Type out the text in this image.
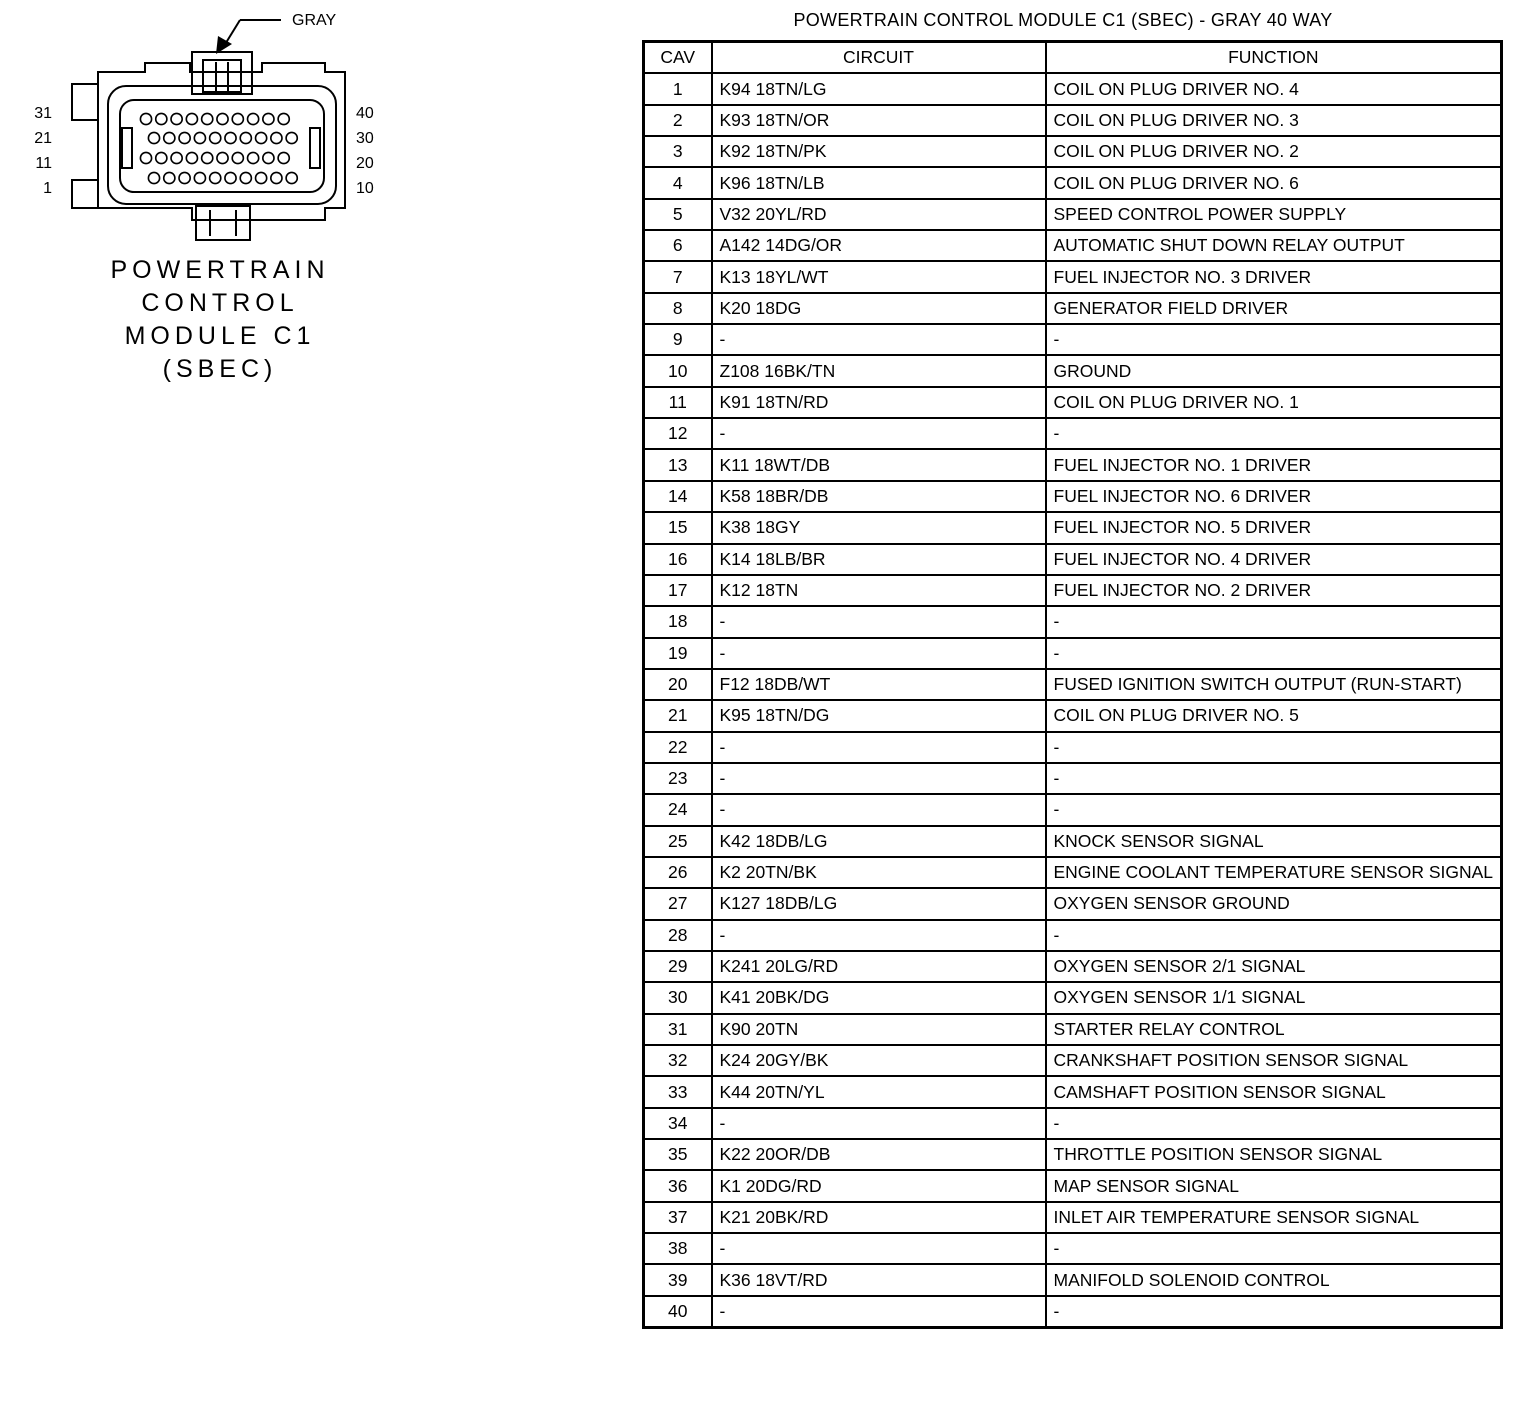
GRAY
31
21
11
1
40
30
20
10
POWERTRAIN
CONTROL
MODULE C1
(SBEC)
POWERTRAIN CONTROL MODULE C1 (SBEC) - GRAY 40 WAY
CAV	CIRCUIT	FUNCTION
1	K94 18TN/LG	COIL ON PLUG DRIVER NO. 4
2	K93 18TN/OR	COIL ON PLUG DRIVER NO. 3
3	K92 18TN/PK	COIL ON PLUG DRIVER NO. 2
4	K96 18TN/LB	COIL ON PLUG DRIVER NO. 6
5	V32 20YL/RD	SPEED CONTROL POWER SUPPLY
6	A142 14DG/OR	AUTOMATIC SHUT DOWN RELAY OUTPUT
7	K13 18YL/WT	FUEL INJECTOR NO. 3 DRIVER
8	K20 18DG	GENERATOR FIELD DRIVER
9	-	-
10	Z108 16BK/TN	GROUND
11	K91 18TN/RD	COIL ON PLUG DRIVER NO. 1
12	-	-
13	K11 18WT/DB	FUEL INJECTOR NO. 1 DRIVER
14	K58 18BR/DB	FUEL INJECTOR NO. 6 DRIVER
15	K38 18GY	FUEL INJECTOR NO. 5 DRIVER
16	K14 18LB/BR	FUEL INJECTOR NO. 4 DRIVER
17	K12 18TN	FUEL INJECTOR NO. 2 DRIVER
18	-	-
19	-	-
20	F12 18DB/WT	FUSED IGNITION SWITCH OUTPUT (RUN-START)
21	K95 18TN/DG	COIL ON PLUG DRIVER NO. 5
22	-	-
23	-	-
24	-	-
25	K42 18DB/LG	KNOCK SENSOR SIGNAL
26	K2 20TN/BK	ENGINE COOLANT TEMPERATURE SENSOR SIGNAL
27	K127 18DB/LG	OXYGEN SENSOR GROUND
28	-	-
29	K241 20LG/RD	OXYGEN SENSOR 2/1 SIGNAL
30	K41 20BK/DG	OXYGEN SENSOR 1/1 SIGNAL
31	K90 20TN	STARTER RELAY CONTROL
32	K24 20GY/BK	CRANKSHAFT POSITION SENSOR SIGNAL
33	K44 20TN/YL	CAMSHAFT POSITION SENSOR SIGNAL
34	-	-
35	K22 20OR/DB	THROTTLE POSITION SENSOR SIGNAL
36	K1 20DG/RD	MAP SENSOR SIGNAL
37	K21 20BK/RD	INLET AIR TEMPERATURE SENSOR SIGNAL
38	-	-
39	K36 18VT/RD	MANIFOLD SOLENOID CONTROL
40	-	-
